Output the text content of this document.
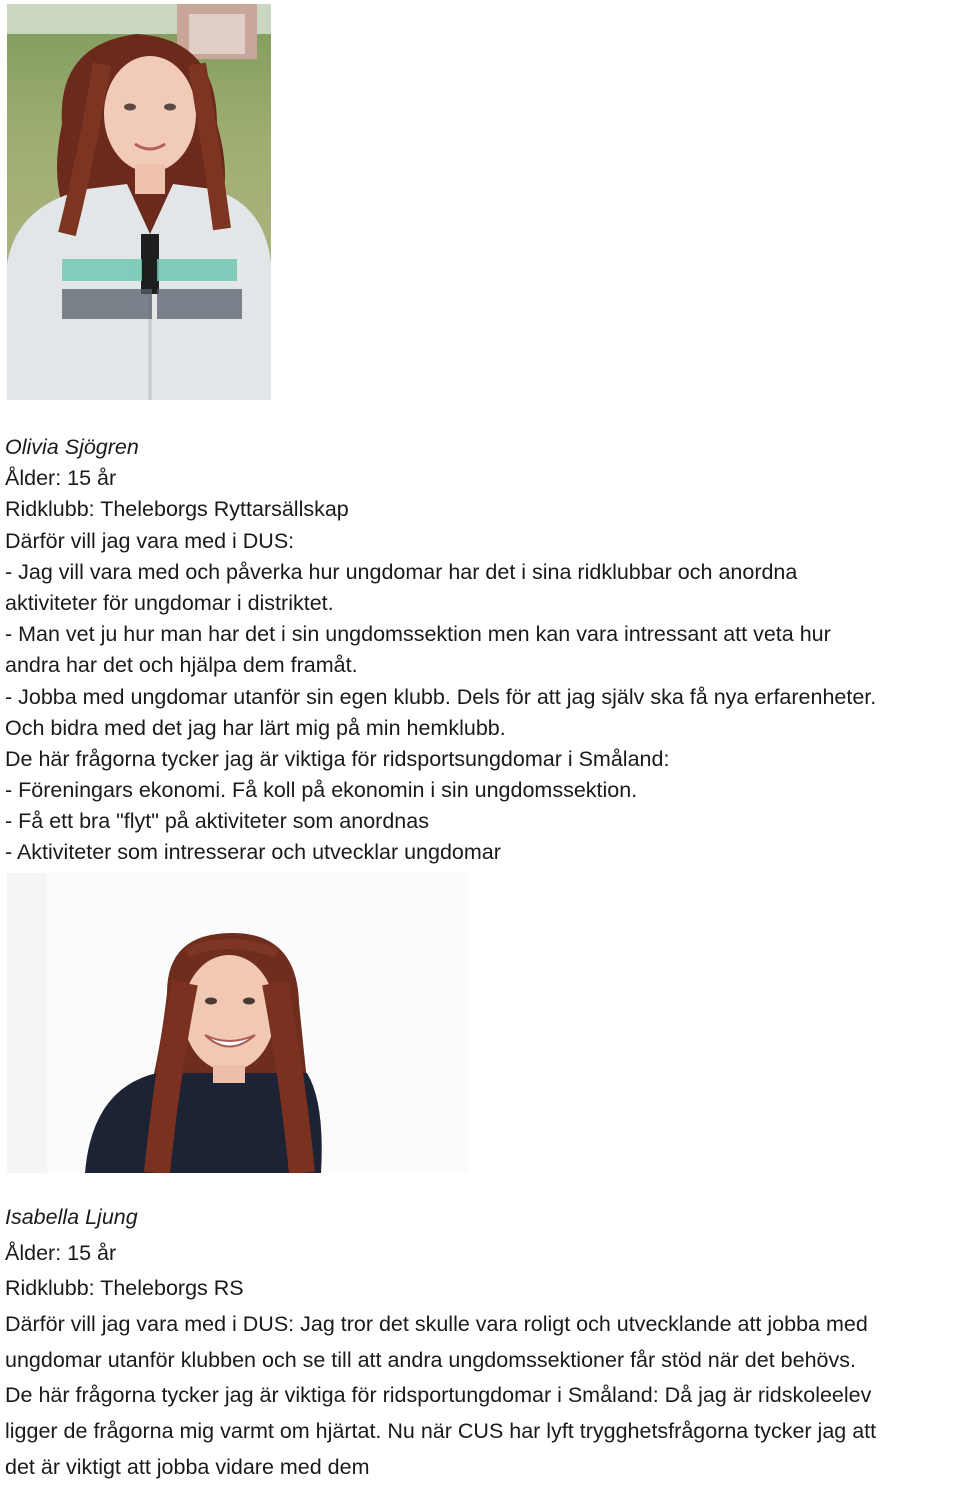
Olivia Sjögren
Ålder: 15 år
Ridklubb: Theleborgs Ryttarsällskap
Därför vill jag vara med i DUS:
- Jag vill vara med och påverka hur ungdomar har det i sina ridklubbar och anordna
aktiviteter för ungdomar i distriktet.
- Man vet ju hur man har det i sin ungdomssektion men kan vara intressant att veta hur
andra har det och hjälpa dem framåt.
- Jobba med ungdomar utanför sin egen klubb. Dels för att jag själv ska få nya erfarenheter.
Och bidra med det jag har lärt mig på min hemklubb.
De här frågorna tycker jag är viktiga för ridsportsungdomar i Småland:
- Föreningars ekonomi. Få koll på ekonomin i sin ungdomssektion.
- Få ett bra "flyt" på aktiviteter som anordnas
- Aktiviteter som intresserar och utvecklar ungdomar
Isabella Ljung
Ålder: 15 år
Ridklubb: Theleborgs RS
Därför vill jag vara med i DUS: Jag tror det skulle vara roligt och utvecklande att jobba med
ungdomar utanför klubben och se till att andra ungdomssektioner får stöd när det behövs.
De här frågorna tycker jag är viktiga för ridsportungdomar i Småland: Då jag är ridskoleelev
ligger de frågorna mig varmt om hjärtat. Nu när CUS har lyft trygghetsfrågorna tycker jag att
det är viktigt att jobba vidare med dem
